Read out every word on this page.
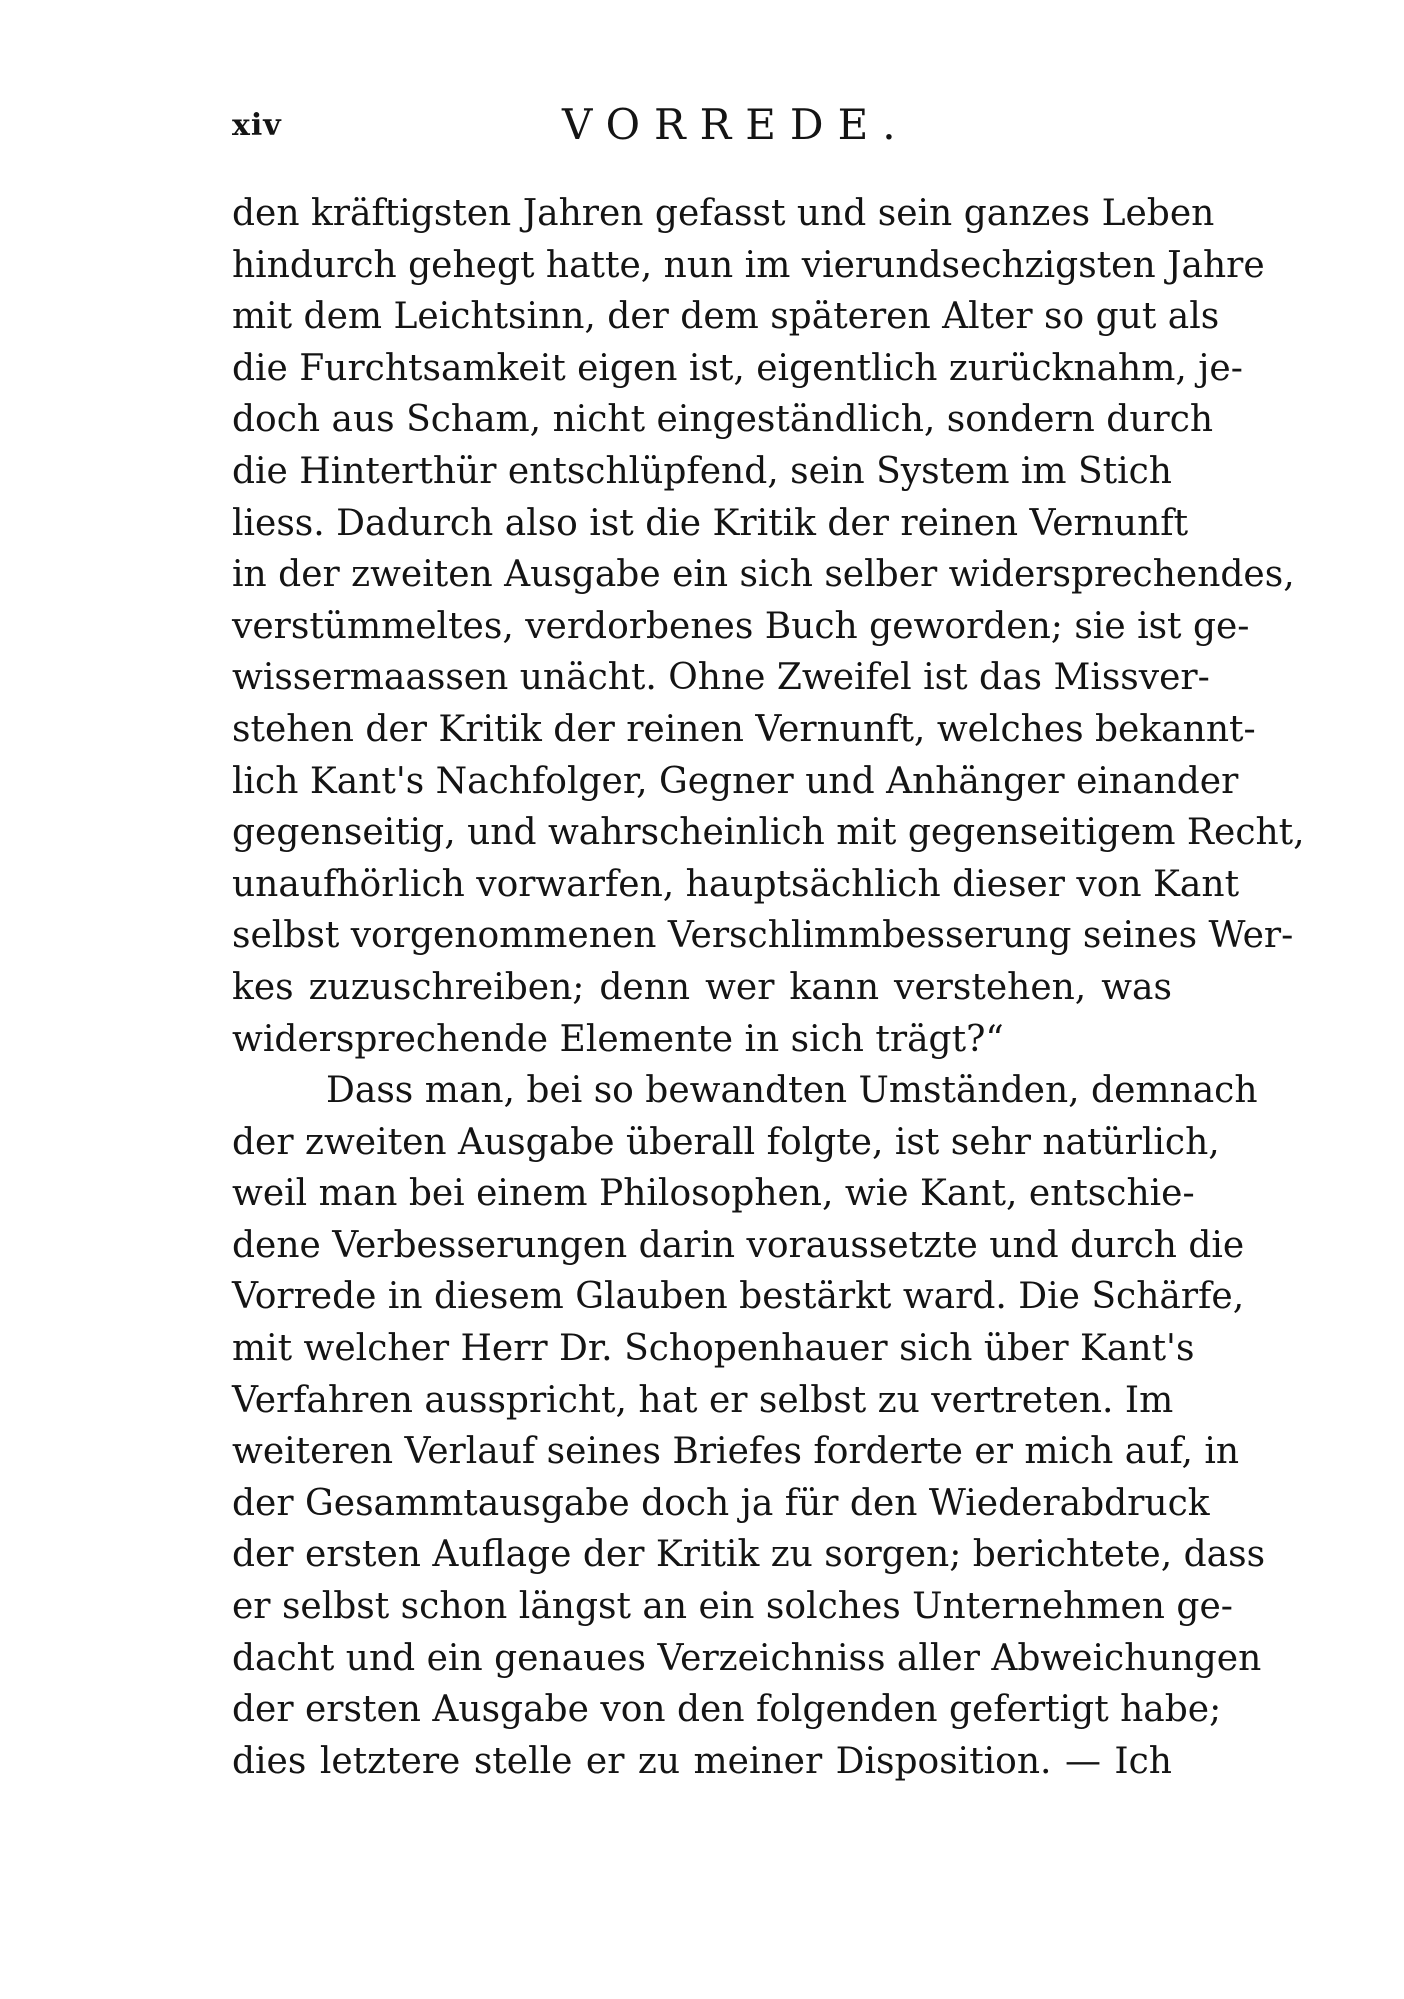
xiv	VORREDE.
den kräftigsten Jahren gefasst und sein ganzes Leben
hindurch gehegt hatte, nun im vierundsechzigsten Jahre
mit dem Leichtsinn, der dem späteren Alter so gut als
die Furchtsamkeit eigen ist, eigentlich zurücknahm, je-
doch aus Scham, nicht eingeständlich, sondern durch
die Hinterthür entschlüpfend, sein System im Stich
liess. Dadurch also ist die Kritik der reinen Vernunft
in der zweiten Ausgabe ein sich selber widersprechendes,
verstümmeltes, verdorbenes Buch geworden; sie ist ge-
wissermaassen unächt. Ohne Zweifel ist das Missver-
stehen der Kritik der reinen Vernunft, welches bekannt-
lich Kant's Nachfolger, Gegner und Anhänger einander
gegenseitig, und wahrscheinlich mit gegenseitigem Recht,
unaufhörlich vorwarfen, hauptsächlich dieser von Kant
selbst vorgenommenen Verschlimmbesserung seines Wer-
kes zuzuschreiben; denn wer kann verstehen, was
widersprechende Elemente in sich trägt?“
Dass man, bei so bewandten Umständen, demnach
der zweiten Ausgabe überall folgte, ist sehr natürlich,
weil man bei einem Philosophen, wie Kant, entschie-
dene Verbesserungen darin voraussetzte und durch die
Vorrede in diesem Glauben bestärkt ward. Die Schärfe,
mit welcher Herr Dr. Schopenhauer sich über Kant's
Verfahren ausspricht, hat er selbst zu vertreten. Im
weiteren Verlauf seines Briefes forderte er mich auf, in
der Gesammtausgabe doch ja für den Wiederabdruck
der ersten Auflage der Kritik zu sorgen; berichtete, dass
er selbst schon längst an ein solches Unternehmen ge-
dacht und ein genaues Verzeichniss aller Abweichungen
der ersten Ausgabe von den folgenden gefertigt habe;
dies letztere stelle er zu meiner Disposition. — Ich
